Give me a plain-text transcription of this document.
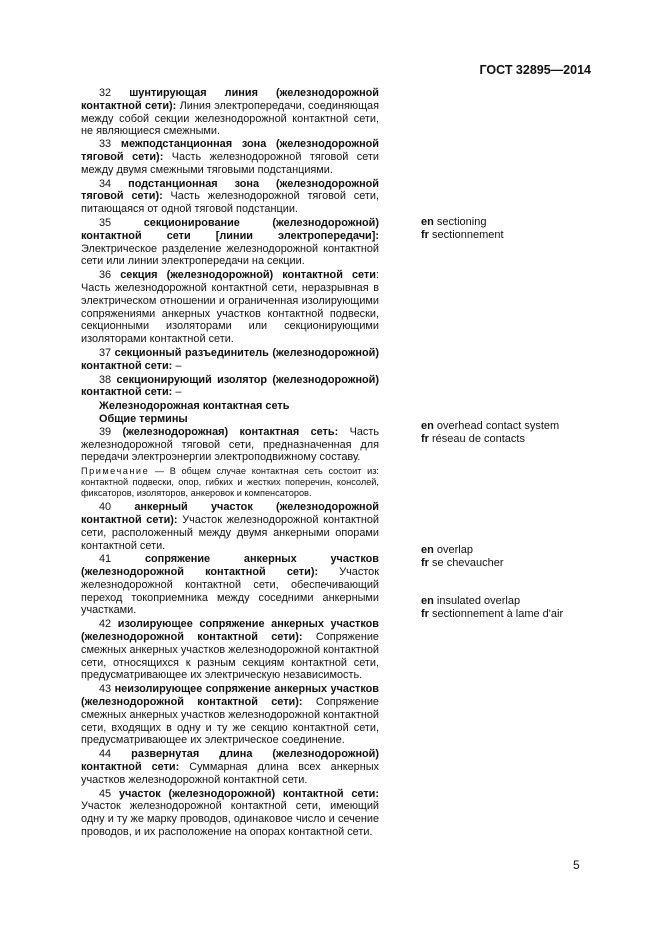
ГОСТ 32895—2014

32 шунтирующая линия (железнодорожной контактной сети): Линия электропередачи, соединяющая между собой секции железнодорожной контактной сети, не являющиеся смежными.

33 межподстанционная зона (железнодорожной тяговой сети): Часть железнодорожной тяговой сети между двумя смежными тяговыми подстанциями.

34 подстанционная зона (железнодорожной тяговой сети): Часть железнодорожной тяговой сети, питающаяся от одной тяговой подстанции.

35	секционирование (железнодорожной) контактной сети [линии электропередачи]: Электрическое разделение железнодорожной контактной сети или линии электропередачи на секции.

36 секция (железнодорожной) контактной сети: Часть железнодорожной контактной сети, неразрывная в электрическом отношении и ограниченная изолирующими сопряжениями анкерных участков контактной подвески, секционными изоляторами или секционирующими изоляторами контактной сети.

37 секционный разъединитель (железнодорожной) контактной сети: –

38 секционирующий изолятор (железнодорожной) контактной сети: –

Железнодорожная контактная сеть

Общие термины

39 (железнодорожная) контактная сеть: Часть железнодорожной тяговой сети, предназначенная для передачи электроэнергии электроподвижному составу.

Примечание — В общем случае контактная сеть состоит из: контактной подвески, опор, гибких и жестких поперечин, консолей, фиксаторов, изоляторов, анкеровок и компенсаторов.

40 анкерный участок (железнодорожной контактной сети): Участок железнодорожной контактной сети, расположенный между двумя анкерными опорами контактной сети.

41	сопряжение анкерных участков (железнодорожной контактной сети): Участок железнодорожной контактной сети, обеспечивающий переход токоприемника между соседними анкерными участками.

42 изолирующее сопряжение анкерных участков (железнодорожной контактной сети): Сопряжение смежных анкерных участков железнодорожной контактной сети, относящихся к разным секциям контактной сети, предусматривающее их электрическую независимость.

43 неизолирующее сопряжение анкерных участков (железнодорожной контактной сети): Сопряжение смежных анкерных участков железнодорожной контактной сети, входящих в одну и ту же секцию контактной сети, предусматривающее их электрическое соединение.

44 развернутая длина (железнодорожной) контактной сети: Суммарная длина всех анкерных участков железнодорожной контактной сети.

45 участок (железнодорожной) контактной сети: Участок железнодорожной контактной сети, имеющий одну и ту же марку проводов, одинаковое число и сечение проводов, и их расположение на опорах контактной сети.

en sectioning
fr sectionnement
en overhead contact system
fr réseau de contacts
en overlap
fr se chevaucher
en insulated overlap
fr sectionnement à lame d'air
5
